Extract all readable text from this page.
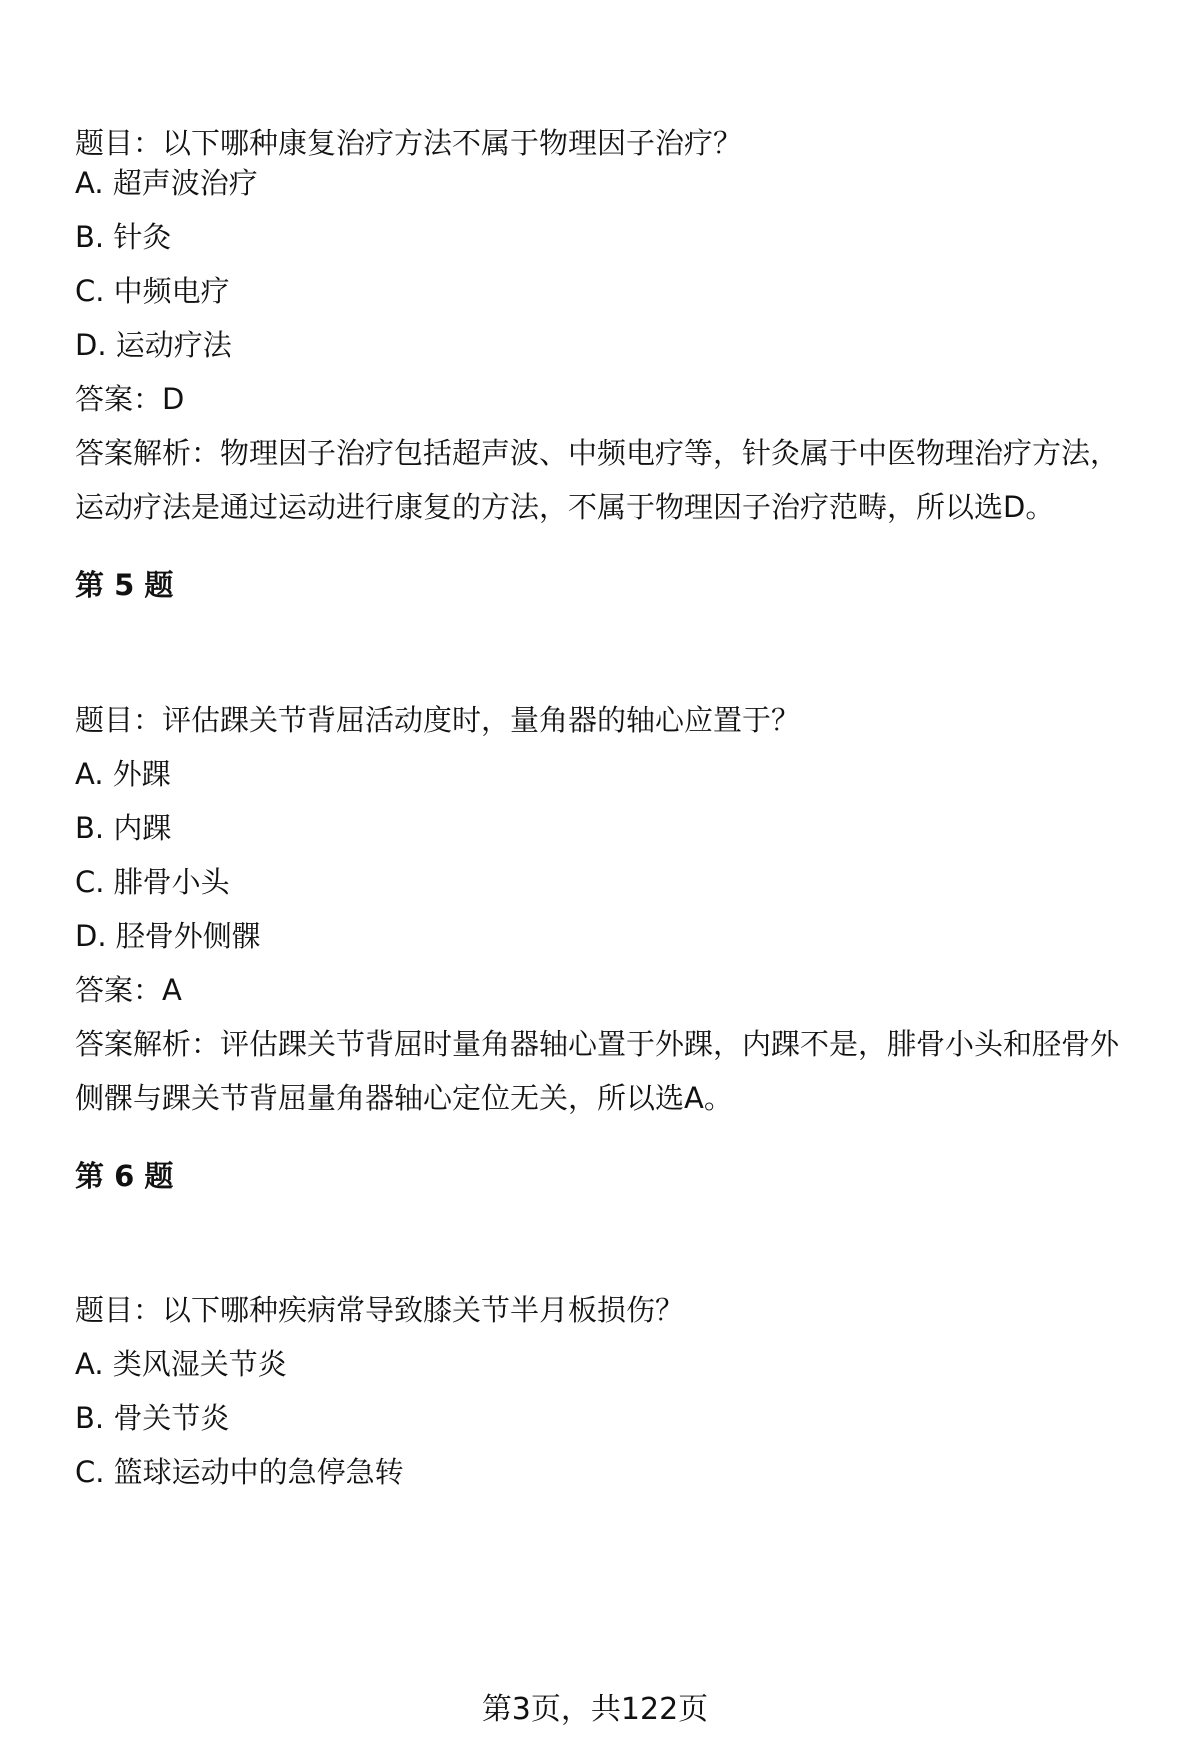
题目：以下哪种康复治疗方法不属于物理因子治疗？
A. 超声波治疗
B. 针灸
C. 中频电疗
D. 运动疗法
答案：D
答案解析：物理因子治疗包括超声波、中频电疗等，针灸属于中医物理治疗方法，
运动疗法是通过运动进行康复的方法，不属于物理因子治疗范畴，所以选D。
第 5 题
题目：评估踝关节背屈活动度时，量角器的轴心应置于？
A. 外踝
B. 内踝
C. 腓骨小头
D. 胫骨外侧髁
答案：A
答案解析：评估踝关节背屈时量角器轴心置于外踝，内踝不是，腓骨小头和胫骨外
侧髁与踝关节背屈量角器轴心定位无关，所以选A。
第 6 题
题目：以下哪种疾病常导致膝关节半月板损伤？
A. 类风湿关节炎
B. 骨关节炎
C. 篮球运动中的急停急转
第3页，共122页
